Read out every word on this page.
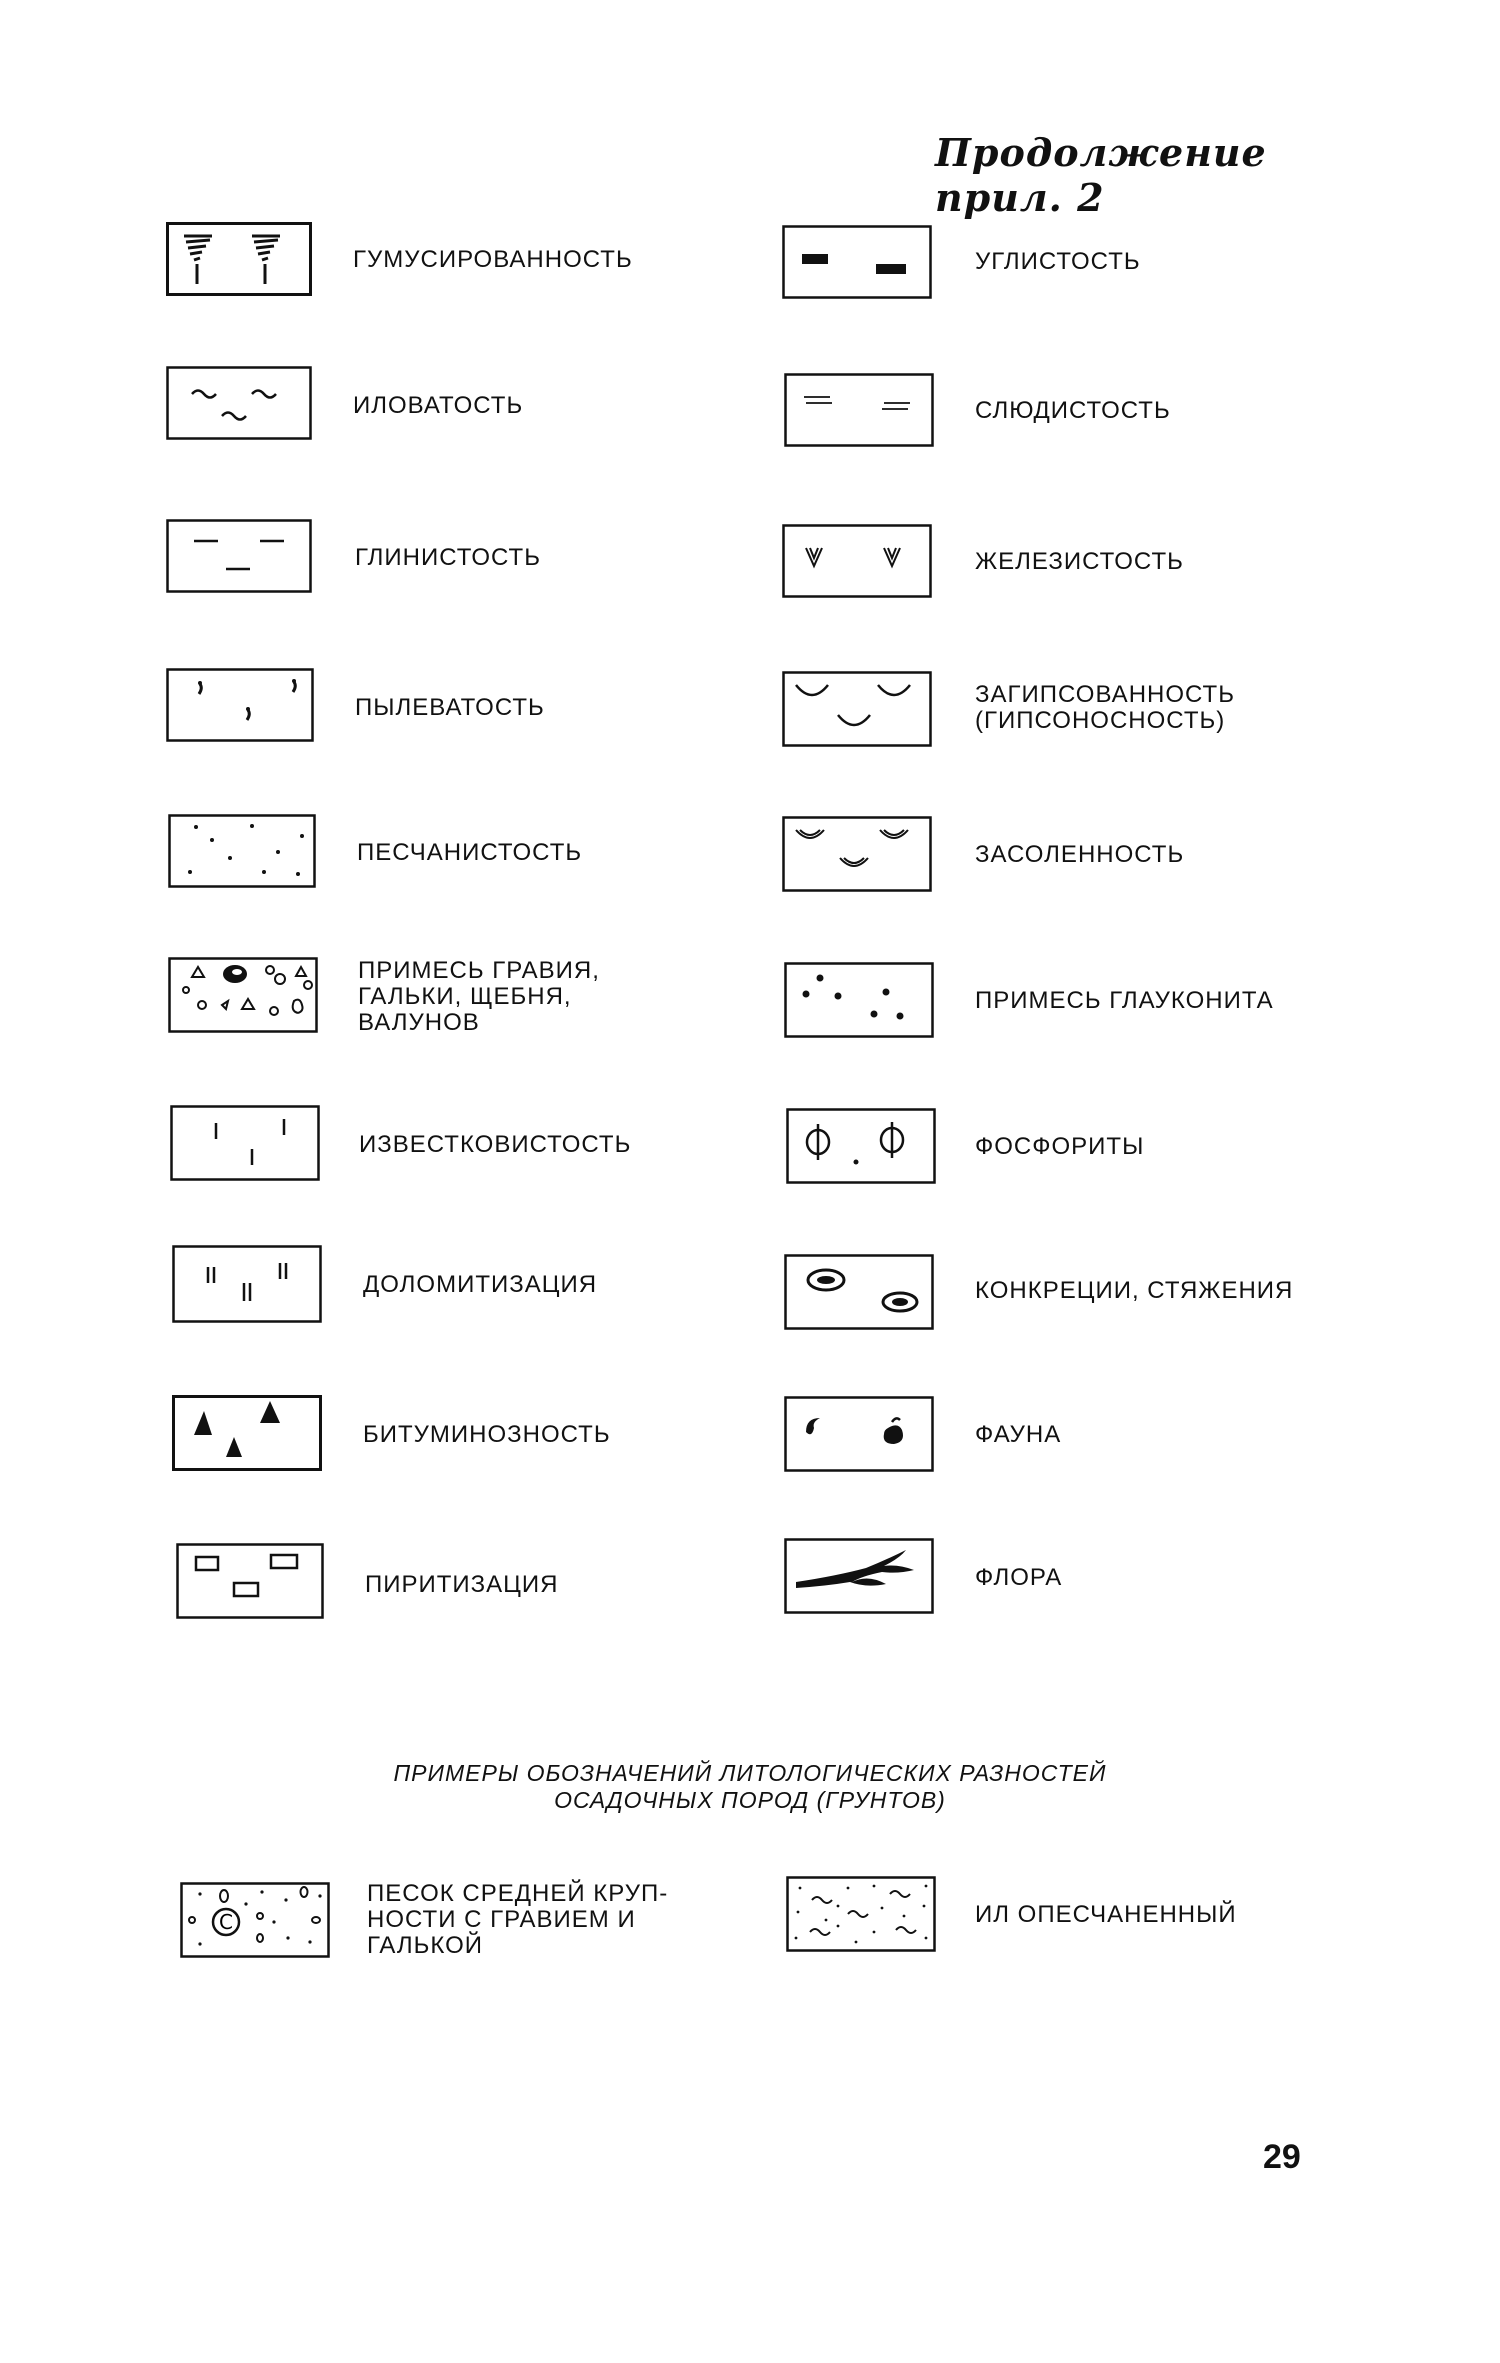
Продолжение прил. 2
ГУМУСИРОВАННОСТЬ
ИЛОВАТОСТЬ
ГЛИНИСТОСТЬ
ПЫЛЕВАТОСТЬ
ПЕСЧАНИСТОСТЬ
ПРИМЕСЬ ГРАВИЯ,
ГАЛЬКИ, ЩЕБНЯ,
ВАЛУНОВ
ИЗВЕСТКОВИСТОСТЬ
ДОЛОМИТИЗАЦИЯ
БИТУМИНОЗНОСТЬ
ПИРИТИЗАЦИЯ
УГЛИСТОСТЬ
СЛЮДИСТОСТЬ
ЖЕЛЕЗИСТОСТЬ
ЗАГИПСОВАННОСТЬ
(ГИПСОНОСНОСТЬ)
ЗАСОЛЕННОСТЬ
ПРИМЕСЬ ГЛАУКОНИТА
ФОСФОРИТЫ
КОНКРЕЦИИ, СТЯЖЕНИЯ
ФАУНА
ФЛОРА
ПРИМЕРЫ ОБОЗНАЧЕНИЙ ЛИТОЛОГИЧЕСКИХ РАЗНОСТЕЙ
ОСАДОЧНЫХ ПОРОД (ГРУНТОВ)
C
ПЕСОК СРЕДНЕЙ КРУП-
НОСТИ С ГРАВИЕМ И
ГАЛЬКОЙ
ИЛ ОПЕСЧАНЕННЫЙ
29
